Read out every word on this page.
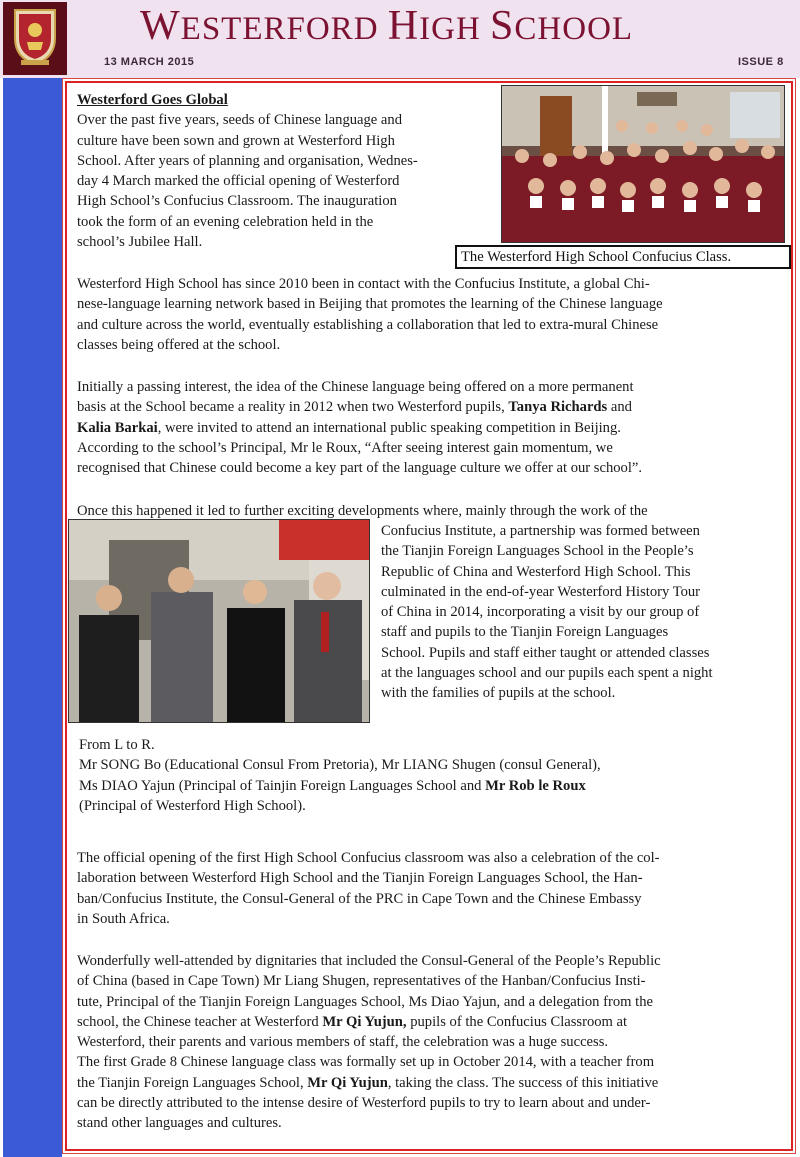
WESTERFORD HIGH SCHOOL
13 MARCH 2015	ISSUE 8
Westerford Goes Global
Over the past five years, seeds of Chinese language and
culture have been sown and grown at Westerford High
School. After years of planning and organisation, Wednes-
day 4 March marked the official opening of Westerford
High School’s Confucius Classroom. The inauguration
took the form of an evening celebration held in the
school’s Jubilee Hall.
The Westerford High School Confucius Class.
Westerford High School has since 2010 been in contact with the Confucius Institute, a global Chi-
nese-language learning network based in Beijing that promotes the learning of the Chinese language
and culture across the world, eventually establishing a collaboration that led to extra-mural Chinese
classes being offered at the school.
Initially a passing interest, the idea of the Chinese language being offered on a more permanent
basis at the School became a reality in 2012 when two Westerford pupils, Tanya Richards and
Kalia Barkai, were invited to attend an international public speaking competition in Beijing.
According to the school’s Principal, Mr le Roux, “After seeing interest gain momentum, we
recognised that Chinese could become a key part of the language culture we offer at our school”.
Once this happened it led to further exciting developments where, mainly through the work of the
Confucius Institute, a partnership was formed between
the Tianjin Foreign Languages School in the People’s
Republic of China and Westerford High School. This
culminated in the end-of-year Westerford History Tour
of China in 2014, incorporating a visit by our group of
staff and pupils to the Tianjin Foreign Languages
School. Pupils and staff either taught or attended classes
at the languages school and our pupils each spent a night
with the families of pupils at the school.
From L to R.
Mr SONG Bo (Educational Consul From Pretoria), Mr LIANG Shugen (consul General),
Ms DIAO Yajun (Principal of Tainjin Foreign Languages School and Mr Rob le Roux
(Principal of Westerford High School).
The official opening of the first High School Confucius classroom was also a celebration of the col-
laboration between Westerford High School and the Tianjin Foreign Languages School, the Han-
ban/Confucius Institute, the Consul-General of the PRC in Cape Town and the Chinese Embassy
in South Africa.
Wonderfully well-attended by dignitaries that included the Consul-General of the People’s Republic
of China (based in Cape Town) Mr Liang Shugen, representatives of the Hanban/Confucius Insti-
tute, Principal of the Tianjin Foreign Languages School, Ms Diao Yajun, and a delegation from the
school, the Chinese teacher at Westerford Mr Qi Yujun, pupils of the Confucius Classroom at
Westerford, their parents and various members of staff, the celebration was a huge success.
The first Grade 8 Chinese language class was formally set up in October 2014, with a teacher from
the Tianjin Foreign Languages School, Mr Qi Yujun, taking the class. The success of this initiative
can be directly attributed to the intense desire of Westerford pupils to try to learn about and under-
stand other languages and cultures.
